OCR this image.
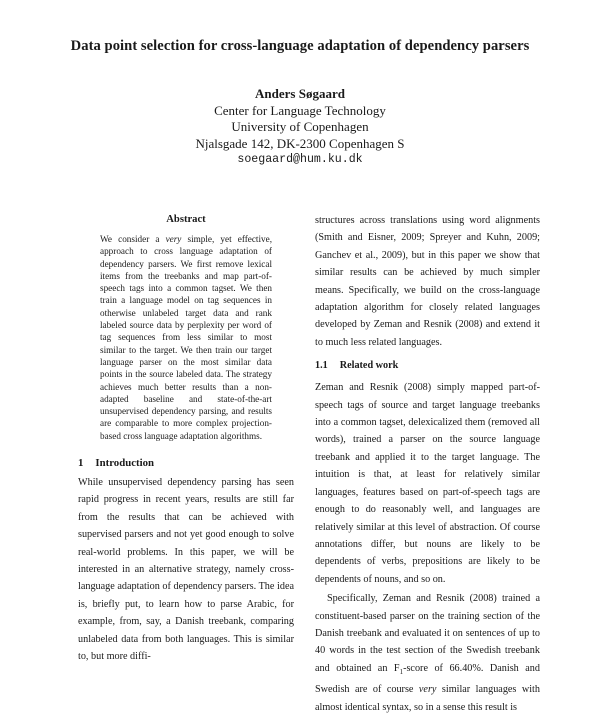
Data point selection for cross-language adaptation of dependency parsers
Anders Søgaard
Center for Language Technology
University of Copenhagen
Njalsgade 142, DK-2300 Copenhagen S
soegaard@hum.ku.dk
Abstract

We consider a very simple, yet effective, approach to cross language adaptation of dependency parsers. We first remove lexical items from the treebanks and map part-of-speech tags into a common tagset. We then train a language model on tag sequences in otherwise unlabeled target data and rank labeled source data by perplexity per word of tag sequences from less similar to most similar to the target. We then train our target language parser on the most similar data points in the source labeled data. The strategy achieves much better results than a non-adapted baseline and state-of-the-art unsupervised dependency parsing, and results are comparable to more complex projection-based cross language adaptation algorithms.

1 Introduction

While unsupervised dependency parsing has seen rapid progress in recent years, results are still far from the results that can be achieved with supervised parsers and not yet good enough to solve real-world problems. In this paper, we will be interested in an alternative strategy, namely cross-language adaptation of dependency parsers. The idea is, briefly put, to learn how to parse Arabic, for example, from, say, a Danish treebank, comparing unlabeled data from both languages. This is similar to, but more diffi-

structures across translations using word alignments (Smith and Eisner, 2009; Spreyer and Kuhn, 2009; Ganchev et al., 2009), but in this paper we show that similar results can be achieved by much simpler means. Specifically, we build on the cross-language adaptation algorithm for closely related languages developed by Zeman and Resnik (2008) and extend it to much less related languages.

1.1 Related work

Zeman and Resnik (2008) simply mapped part-of-speech tags of source and target language treebanks into a common tagset, delexicalized them (removed all words), trained a parser on the source language treebank and applied it to the target language. The intuition is that, at least for relatively similar languages, features based on part-of-speech tags are enough to do reasonably well, and languages are relatively similar at this level of abstraction. Of course annotations differ, but nouns are likely to be dependents of verbs, prepositions are likely to be dependents of nouns, and so on.

Specifically, Zeman and Resnik (2008) trained a constituent-based parser on the training section of the Danish treebank and evaluated it on sentences of up to 40 words in the test section of the Swedish treebank and obtained an $F_1$-score of 66.40%. Danish and Swedish are of course very similar languages with almost identical syntax, so in a sense this result is
